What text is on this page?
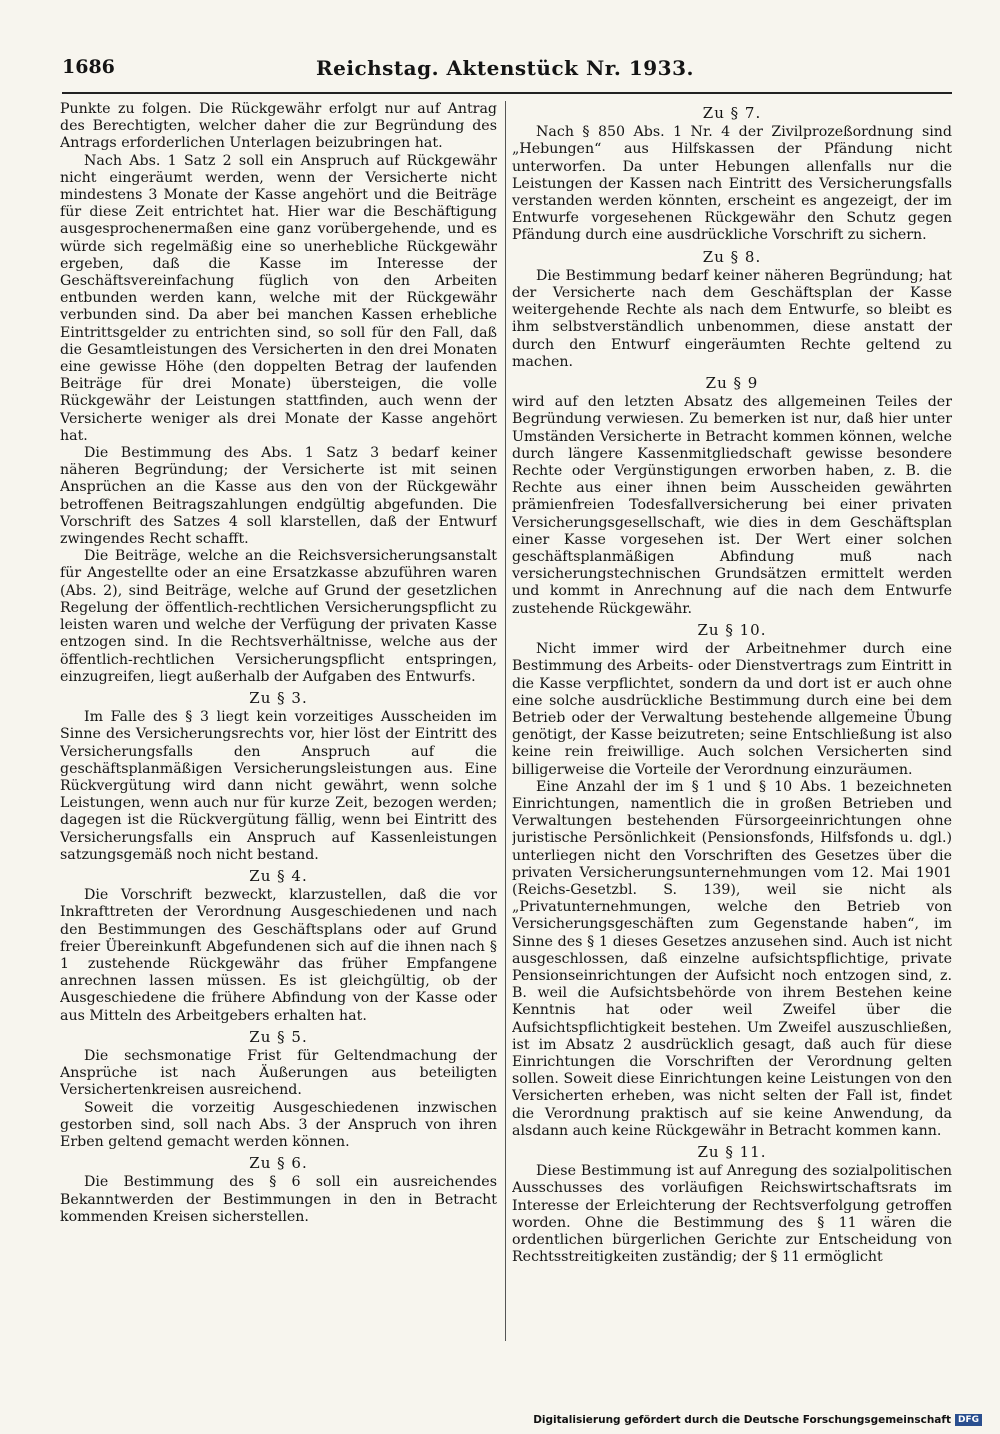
1686	Reichstag. Aktenstück Nr. 1933.

Punkte zu folgen. Die Rückgewähr erfolgt nur auf Antrag des Berechtigten, welcher daher die zur Begründung des Antrags erforderlichen Unterlagen beizubringen hat.

Nach Abs. 1 Satz 2 soll ein Anspruch auf Rückgewähr nicht eingeräumt werden, wenn der Versicherte nicht mindestens 3 Monate der Kasse angehört und die Beiträge für diese Zeit entrichtet hat. Hier war die Beschäftigung ausgesprochenermaßen eine ganz vorübergehende, und es würde sich regelmäßig eine so unerhebliche Rückgewähr ergeben, daß die Kasse im Interesse der Geschäftsvereinfachung füglich von den Arbeiten entbunden werden kann, welche mit der Rückgewähr verbunden sind. Da aber bei manchen Kassen erhebliche Eintrittsgelder zu entrichten sind, so soll für den Fall, daß die Gesamtleistungen des Versicherten in den drei Monaten eine gewisse Höhe (den doppelten Betrag der laufenden Beiträge für drei Monate) übersteigen, die volle Rückgewähr der Leistungen stattfinden, auch wenn der Versicherte weniger als drei Monate der Kasse angehört hat.

Die Bestimmung des Abs. 1 Satz 3 bedarf keiner näheren Begründung; der Versicherte ist mit seinen Ansprüchen an die Kasse aus den von der Rückgewähr betroffenen Beitragszahlungen endgültig abgefunden. Die Vorschrift des Satzes 4 soll klarstellen, daß der Entwurf zwingendes Recht schafft.

Die Beiträge, welche an die Reichsversicherungsanstalt für Angestellte oder an eine Ersatzkasse abzuführen waren (Abs. 2), sind Beiträge, welche auf Grund der gesetzlichen Regelung der öffentlich-rechtlichen Versicherungspflicht zu leisten waren und welche der Verfügung der privaten Kasse entzogen sind. In die Rechtsverhältnisse, welche aus der öffentlich-rechtlichen Versicherungspflicht entspringen, einzugreifen, liegt außerhalb der Aufgaben des Entwurfs.

Zu § 3.

Im Falle des § 3 liegt kein vorzeitiges Ausscheiden im Sinne des Versicherungsrechts vor, hier löst der Eintritt des Versicherungsfalls den Anspruch auf die geschäftsplanmäßigen Versicherungsleistungen aus. Eine Rückvergütung wird dann nicht gewährt, wenn solche Leistungen, wenn auch nur für kurze Zeit, bezogen werden; dagegen ist die Rückvergütung fällig, wenn bei Eintritt des Versicherungsfalls ein Anspruch auf Kassenleistungen satzungsgemäß noch nicht bestand.

Zu § 4.

Die Vorschrift bezweckt, klarzustellen, daß die vor Inkrafttreten der Verordnung Ausgeschiedenen und nach den Bestimmungen des Geschäftsplans oder auf Grund freier Übereinkunft Abgefundenen sich auf die ihnen nach § 1 zustehende Rückgewähr das früher Empfangene anrechnen lassen müssen. Es ist gleichgültig, ob der Ausgeschiedene die frühere Abfindung von der Kasse oder aus Mitteln des Arbeitgebers erhalten hat.

Zu § 5.

Die sechsmonatige Frist für Geltendmachung der Ansprüche ist nach Äußerungen aus beteiligten Versichertenkreisen ausreichend.

Soweit die vorzeitig Ausgeschiedenen inzwischen gestorben sind, soll nach Abs. 3 der Anspruch von ihren Erben geltend gemacht werden können.

Zu § 6.

Die Bestimmung des § 6 soll ein ausreichendes Bekanntwerden der Bestimmungen in den in Betracht kommenden Kreisen sicherstellen.

Zu § 7.

Nach § 850 Abs. 1 Nr. 4 der Zivilprozeßordnung sind „Hebungen“ aus Hilfskassen der Pfändung nicht unterworfen. Da unter Hebungen allenfalls nur die Leistungen der Kassen nach Eintritt des Versicherungsfalls verstanden werden könnten, erscheint es angezeigt, der im Entwurfe vorgesehenen Rückgewähr den Schutz gegen Pfändung durch eine ausdrückliche Vorschrift zu sichern.

Zu § 8.

Die Bestimmung bedarf keiner näheren Begründung; hat der Versicherte nach dem Geschäftsplan der Kasse weitergehende Rechte als nach dem Entwurfe, so bleibt es ihm selbstverständlich unbenommen, diese anstatt der durch den Entwurf eingeräumten Rechte geltend zu machen.

Zu § 9

wird auf den letzten Absatz des allgemeinen Teiles der Begründung verwiesen. Zu bemerken ist nur, daß hier unter Umständen Versicherte in Betracht kommen können, welche durch längere Kassenmitgliedschaft gewisse besondere Rechte oder Vergünstigungen erworben haben, z. B. die Rechte aus einer ihnen beim Ausscheiden gewährten prämienfreien Todesfallversicherung bei einer privaten Versicherungsgesellschaft, wie dies in dem Geschäftsplan einer Kasse vorgesehen ist. Der Wert einer solchen geschäftsplanmäßigen Abfindung muß nach versicherungstechnischen Grundsätzen ermittelt werden und kommt in Anrechnung auf die nach dem Entwurfe zustehende Rückgewähr.

Zu § 10.

Nicht immer wird der Arbeitnehmer durch eine Bestimmung des Arbeits- oder Dienstvertrags zum Eintritt in die Kasse verpflichtet, sondern da und dort ist er auch ohne eine solche ausdrückliche Bestimmung durch eine bei dem Betrieb oder der Verwaltung bestehende allgemeine Übung genötigt, der Kasse beizutreten; seine Entschließung ist also keine rein freiwillige. Auch solchen Versicherten sind billigerweise die Vorteile der Verordnung einzuräumen.

Eine Anzahl der im § 1 und § 10 Abs. 1 bezeichneten Einrichtungen, namentlich die in großen Betrieben und Verwaltungen bestehenden Fürsorgeeinrichtungen ohne juristische Persönlichkeit (Pensionsfonds, Hilfsfonds u. dgl.) unterliegen nicht den Vorschriften des Gesetzes über die privaten Versicherungsunternehmungen vom 12. Mai 1901 (Reichs-Gesetzbl. S. 139), weil sie nicht als „Privatunternehmungen, welche den Betrieb von Versicherungsgeschäften zum Gegenstande haben“, im Sinne des § 1 dieses Gesetzes anzusehen sind. Auch ist nicht ausgeschlossen, daß einzelne aufsichtspflichtige, private Pensionseinrichtungen der Aufsicht noch entzogen sind, z. B. weil die Aufsichtsbehörde von ihrem Bestehen keine Kenntnis hat oder weil Zweifel über die Aufsichtspflichtigkeit bestehen. Um Zweifel auszuschließen, ist im Absatz 2 ausdrücklich gesagt, daß auch für diese Einrichtungen die Vorschriften der Verordnung gelten sollen. Soweit diese Einrichtungen keine Leistungen von den Versicherten erheben, was nicht selten der Fall ist, findet die Verordnung praktisch auf sie keine Anwendung, da alsdann auch keine Rückgewähr in Betracht kommen kann.

Zu § 11.

Diese Bestimmung ist auf Anregung des sozialpolitischen Ausschusses des vorläufigen Reichswirtschaftsrats im Interesse der Erleichterung der Rechtsverfolgung getroffen worden. Ohne die Bestimmung des § 11 wären die ordentlichen bürgerlichen Gerichte zur Entscheidung von Rechtsstreitigkeiten zuständig; der § 11 ermöglicht

Digitalisierung gefördert durch die Deutsche Forschungsgemeinschaft DFG
